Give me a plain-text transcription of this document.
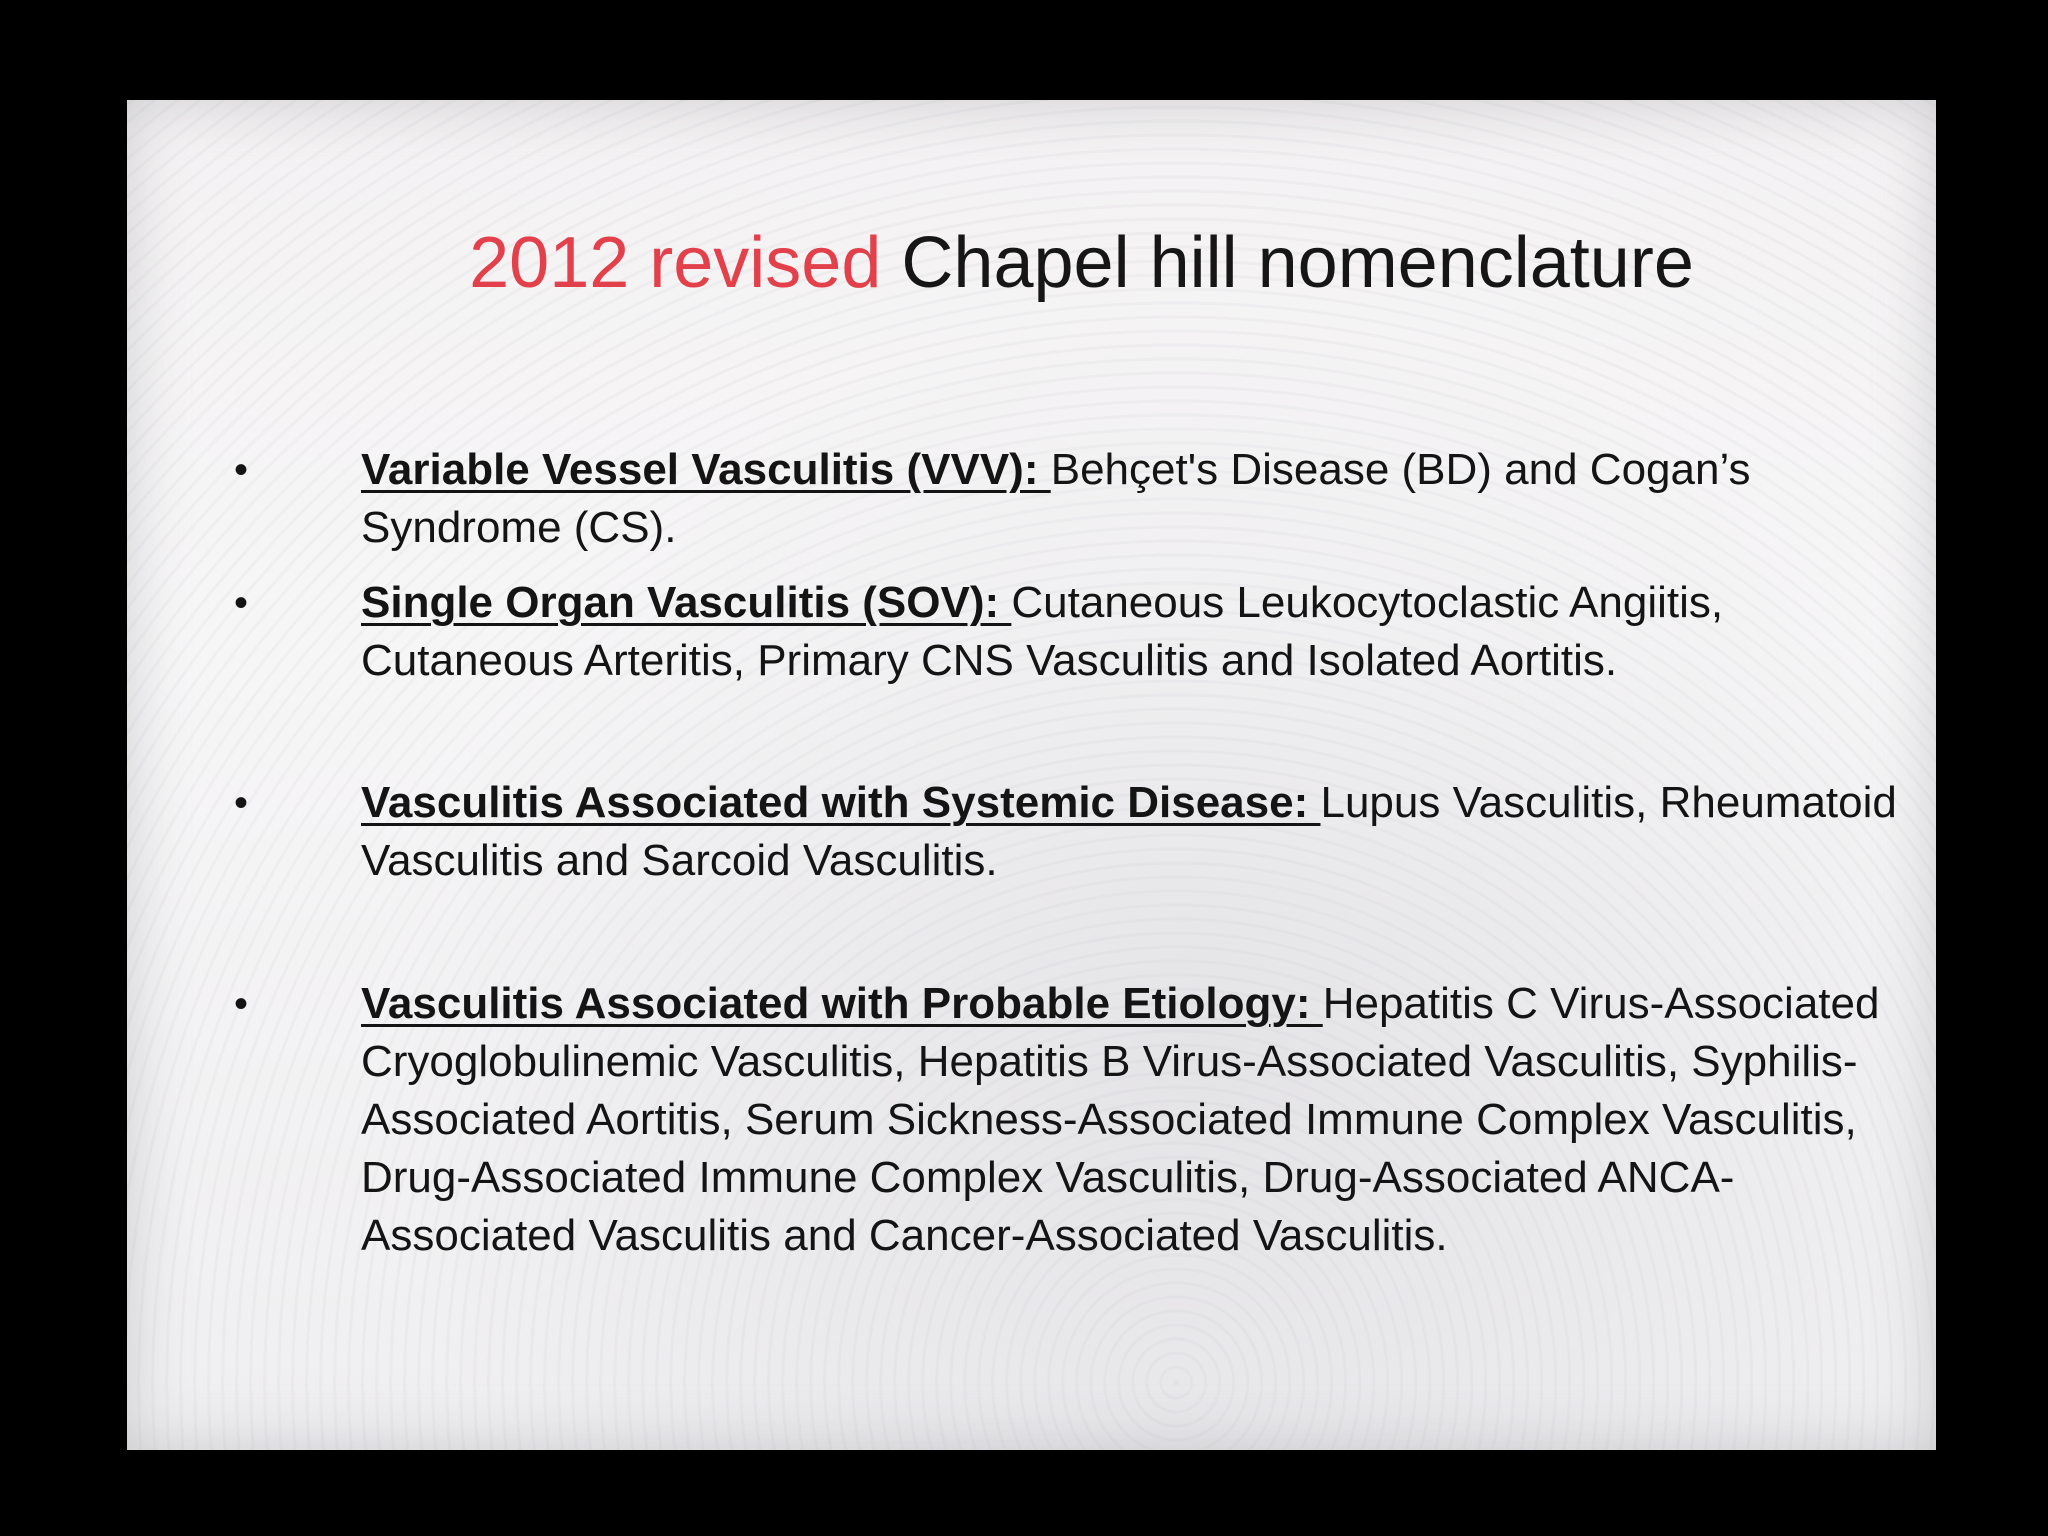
2012 revised Chapel hill nomenclature
•	Variable Vessel Vasculitis (VVV): Behçet's Disease (BD) and Cogan’s Syndrome (CS).
•	Single Organ Vasculitis (SOV): Cutaneous Leukocytoclastic Angiitis, Cutaneous Arteritis, Primary CNS Vasculitis and Isolated Aortitis.
•	Vasculitis Associated with Systemic Disease: Lupus Vasculitis, Rheumatoid Vasculitis and Sarcoid Vasculitis.
•	Vasculitis Associated with Probable Etiology: Hepatitis C Virus-Associated Cryoglobulinemic Vasculitis, Hepatitis B Virus-Associated Vasculitis, Syphilis-Associated Aortitis, Serum Sickness-Associated Immune Complex Vasculitis, Drug-Associated Immune Complex Vasculitis, Drug-Associated ANCA-Associated Vasculitis and Cancer-Associated Vasculitis.
